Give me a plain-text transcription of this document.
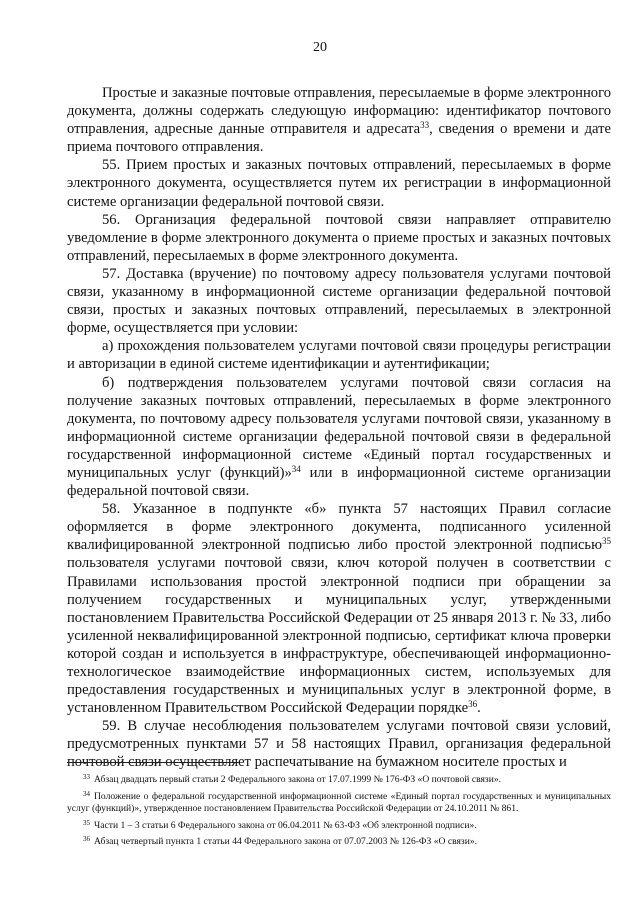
20

Простые и заказные почтовые отправления, пересылаемые в форме электронного документа, должны содержать следующую информацию: идентификатор почтового отправления, адресные данные отправителя и адресата$^{33}$, сведения о времени и дате приема почтового отправления.

55. Прием простых и заказных почтовых отправлений, пересылаемых в форме электронного документа, осуществляется путем их регистрации в информационной системе организации федеральной почтовой связи.

56. Организация федеральной почтовой связи направляет отправителю уведомление в форме электронного документа о приеме простых и заказных почтовых отправлений, пересылаемых в форме электронного документа.

57. Доставка (вручение) по почтовому адресу пользователя услугами почтовой связи, указанному в информационной системе организации федеральной почтовой связи, простых и заказных почтовых отправлений, пересылаемых в электронной форме, осуществляется при условии:

а) прохождения пользователем услугами почтовой связи процедуры регистрации и авторизации в единой системе идентификации и аутентификации;

б) подтверждения пользователем услугами почтовой связи согласия на получение заказных почтовых отправлений, пересылаемых в форме электронного документа, по почтовому адресу пользователя услугами почтовой связи, указанному в информационной системе организации федеральной почтовой связи в федеральной государственной информационной системе «Единый портал государственных и муниципальных услуг (функций)»$^{34}$ или в информационной системе организации федеральной почтовой связи.

58. Указанное в подпункте «б» пункта 57 настоящих Правил согласие оформляется в форме электронного документа, подписанного усиленной квалифицированной электронной подписью либо простой электронной подписью$^{35}$ пользователя услугами почтовой связи, ключ которой получен в соответствии с Правилами использования простой электронной подписи при обращении за получением государственных и муниципальных услуг, утвержденными постановлением Правительства Российской Федерации от 25 января 2013 г. № 33, либо усиленной неквалифицированной электронной подписью, сертификат ключа проверки которой создан и используется в инфраструктуре, обеспечивающей информационно-технологическое взаимодействие информационных систем, используемых для предоставления государственных и муниципальных услуг в электронной форме, в установленном Правительством Российской Федерации порядке$^{36}$.

59. В случае несоблюдения пользователем услугами почтовой связи условий, предусмотренных пунктами 57 и 58 настоящих Правил, организация федеральной почтовой связи осуществляет распечатывание на бумажном носителе простых и

$^{33}$ Абзац двадцать первый статьи 2 Федерального закона от 17.07.1999 № 176-ФЗ «О почтовой связи».

$^{34}$ Положение о федеральной государственной информационной системе «Единый портал государственных и муниципальных услуг (функций)», утвержденное постановлением Правительства Российской Федерации от 24.10.2011 № 861.

$^{35}$ Части 1 – 3 статьи 6 Федерального закона от 06.04.2011 № 63-ФЗ «Об электронной подписи».

$^{36}$ Абзац четвертый пункта 1 статьи 44 Федерального закона от 07.07.2003 № 126-ФЗ «О связи».
